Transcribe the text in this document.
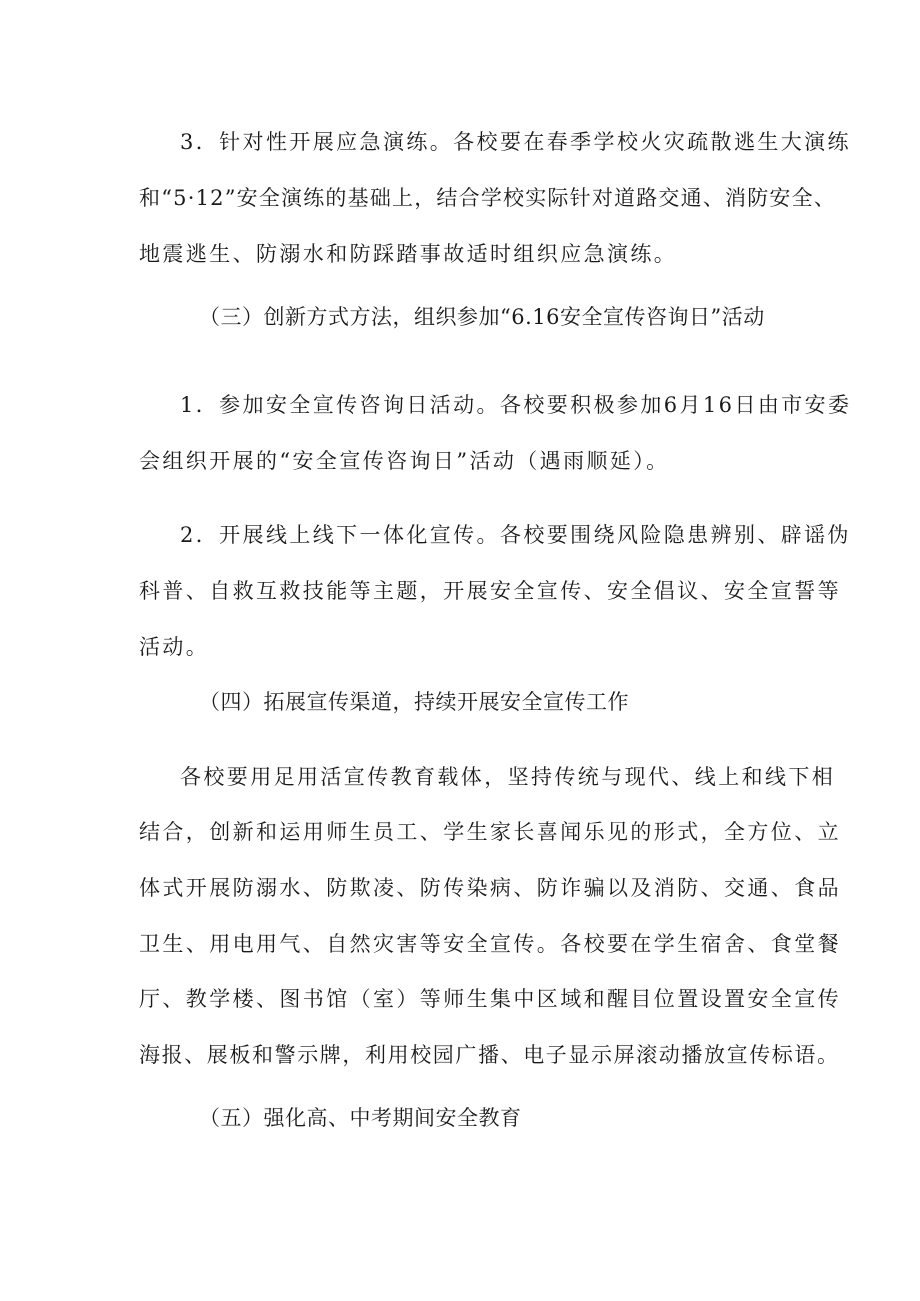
3．针对性开展应急演练。各校要在春季学校火灾疏散逃生大演练
和“5·12”安全演练的基础上，结合学校实际针对道路交通、消防安全、
地震逃生、防溺水和防踩踏事故适时组织应急演练。
（三）创新方式方法，组织参加“6.16安全宣传咨询日”活动
1．参加安全宣传咨询日活动。各校要积极参加6月16日由市安委
会组织开展的“安全宣传咨询日”活动（遇雨顺延）。
2．开展线上线下一体化宣传。各校要围绕风险隐患辨别、辟谣伪
科普、自救互救技能等主题，开展安全宣传、安全倡议、安全宣誓等
活动。
（四）拓展宣传渠道，持续开展安全宣传工作
各校要用足用活宣传教育载体，坚持传统与现代、线上和线下相
结合，创新和运用师生员工、学生家长喜闻乐见的形式，全方位、立
体式开展防溺水、防欺凌、防传染病、防诈骗以及消防、交通、食品
卫生、用电用气、自然灾害等安全宣传。各校要在学生宿舍、食堂餐
厅、教学楼、图书馆（室）等师生集中区域和醒目位置设置安全宣传
海报、展板和警示牌，利用校园广播、电子显示屏滚动播放宣传标语。
（五）强化高、中考期间安全教育
